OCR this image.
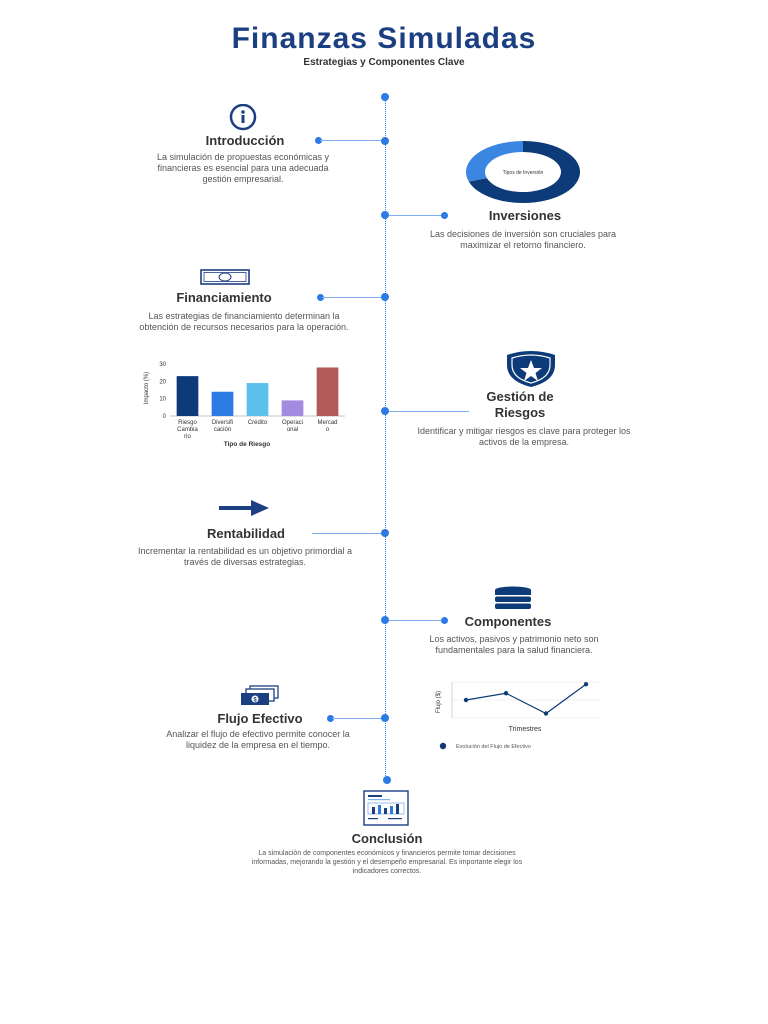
Finanzas Simuladas
Estrategias y Componentes Clave
Introducción
La simulación de propuestas económicas y financieras es esencial para una adecuada gestión empresarial.
Tipos de Inversión
Inversiones
Las decisiones de inversión son cruciales para maximizar el retorno financiero.
Financiamiento
Las estrategias de financiamiento determinan la obtención de recursos necesarios para la operación.
0
10
20
30
Riesgo Cambia rio
Diversifi cación
Crédito Operaci onal
Mercad o
Tipo de Riesgo
Impacto (%)	Gestión de Riesgos
Identificar y mitigar riesgos es clave para proteger los activos de la empresa.
Rentabilidad
Incrementar la rentabilidad es un objetivo primordial a través de diversas estrategias.
Componentes
Los activos, pasivos y patrimonio neto son fundamentales para la salud financiera.
Flujo ($)
Trimestres
Evolución del Flujo de Efectivo
$
Flujo Efectivo
Analizar el flujo de efectivo permite conocer la liquidez de la empresa en el tiempo.
Conclusión
La simulación de componentes económicos y financieros permite tomar decisiones informadas, mejorando la gestión y el desempeño empresarial. Es importante elegir los indicadores correctos.
